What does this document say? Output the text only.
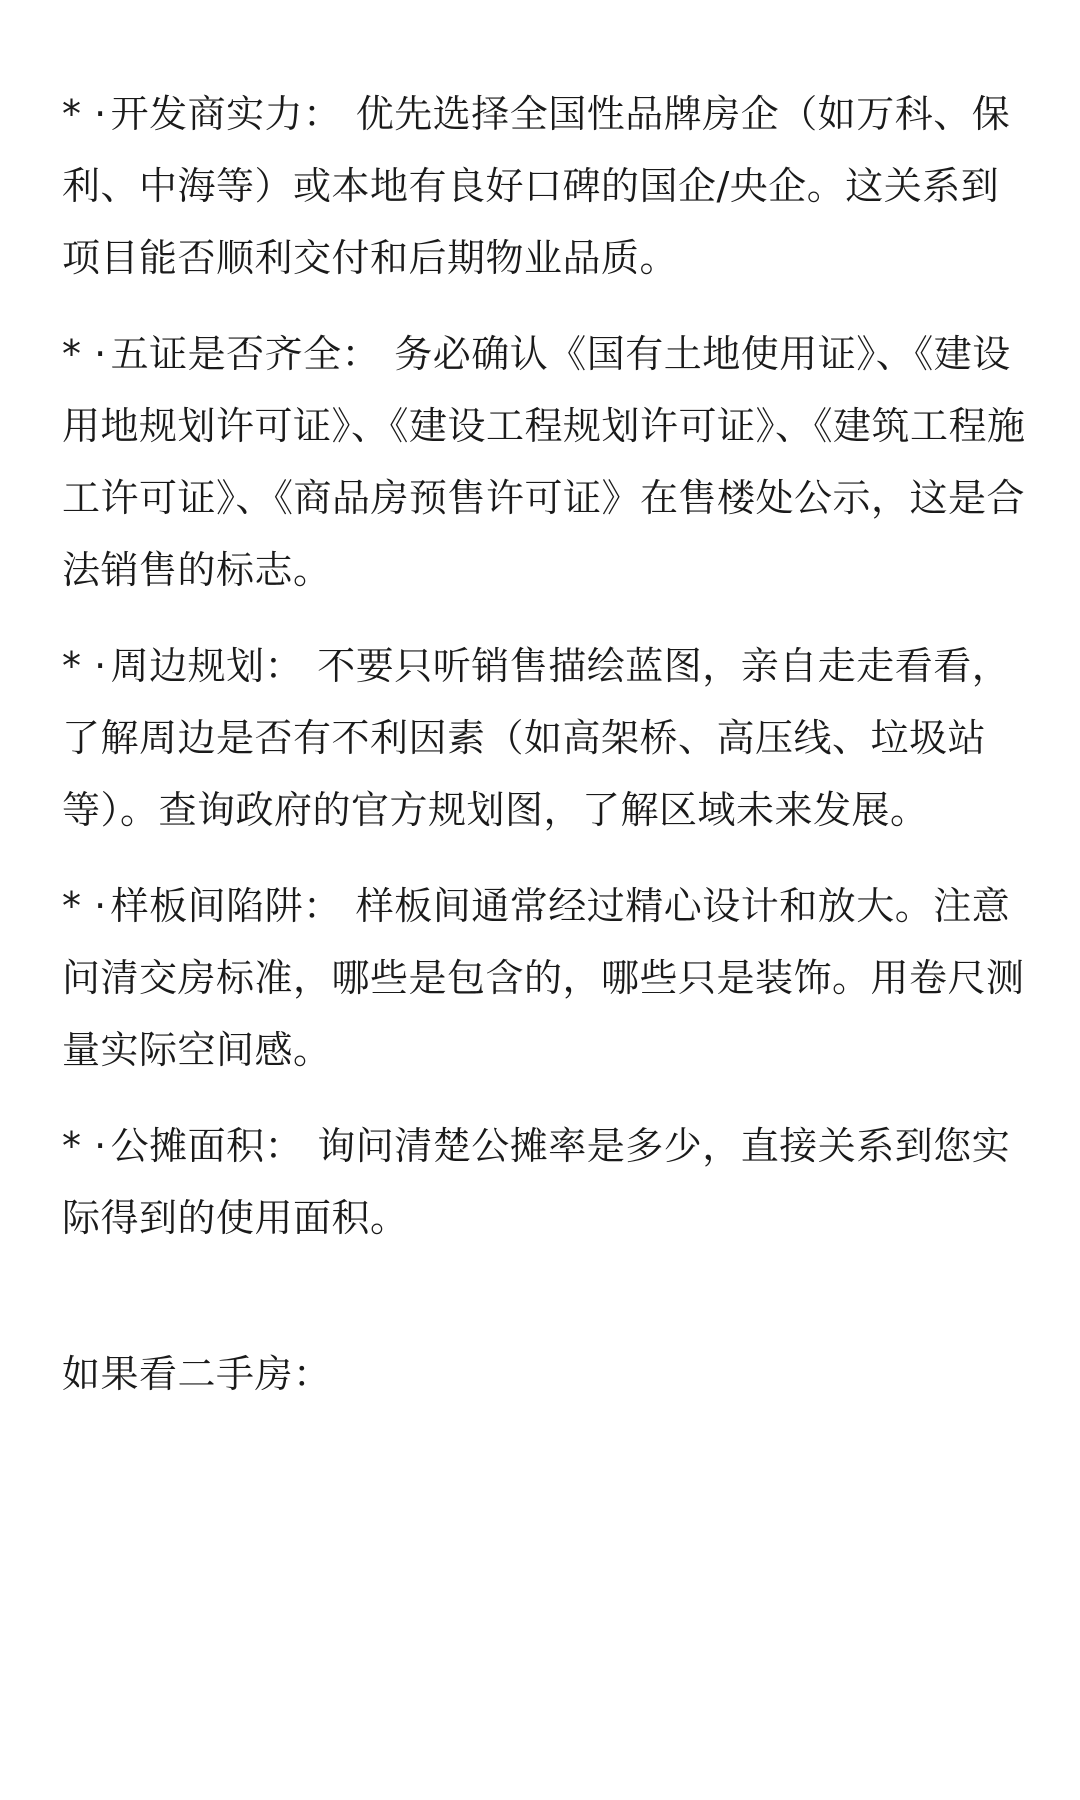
* · 开发商实力： 优先选择全国性品牌房企（如万科、保利、中海等）或本地有良好口碑的国企/央企。这关系到项目能否顺利交付和后期物业品质。

* · 五证是否齐全： 务必确认《国有土地使用证》、《建设用地规划许可证》、《建设工程规划许可证》、《建筑工程施工许可证》、《商品房预售许可证》在售楼处公示，这是合法销售的标志。

* · 周边规划： 不要只听销售描绘蓝图，亲自走走看看，了解周边是否有不利因素（如高架桥、高压线、垃圾站等）。查询政府的官方规划图，了解区域未来发展。

* · 样板间陷阱： 样板间通常经过精心设计和放大。注意问清交房标准，哪些是包含的，哪些只是装饰。用卷尺测量实际空间感。

* · 公摊面积： 询问清楚公摊率是多少，直接关系到您实际得到的使用面积。

如果看二手房：
